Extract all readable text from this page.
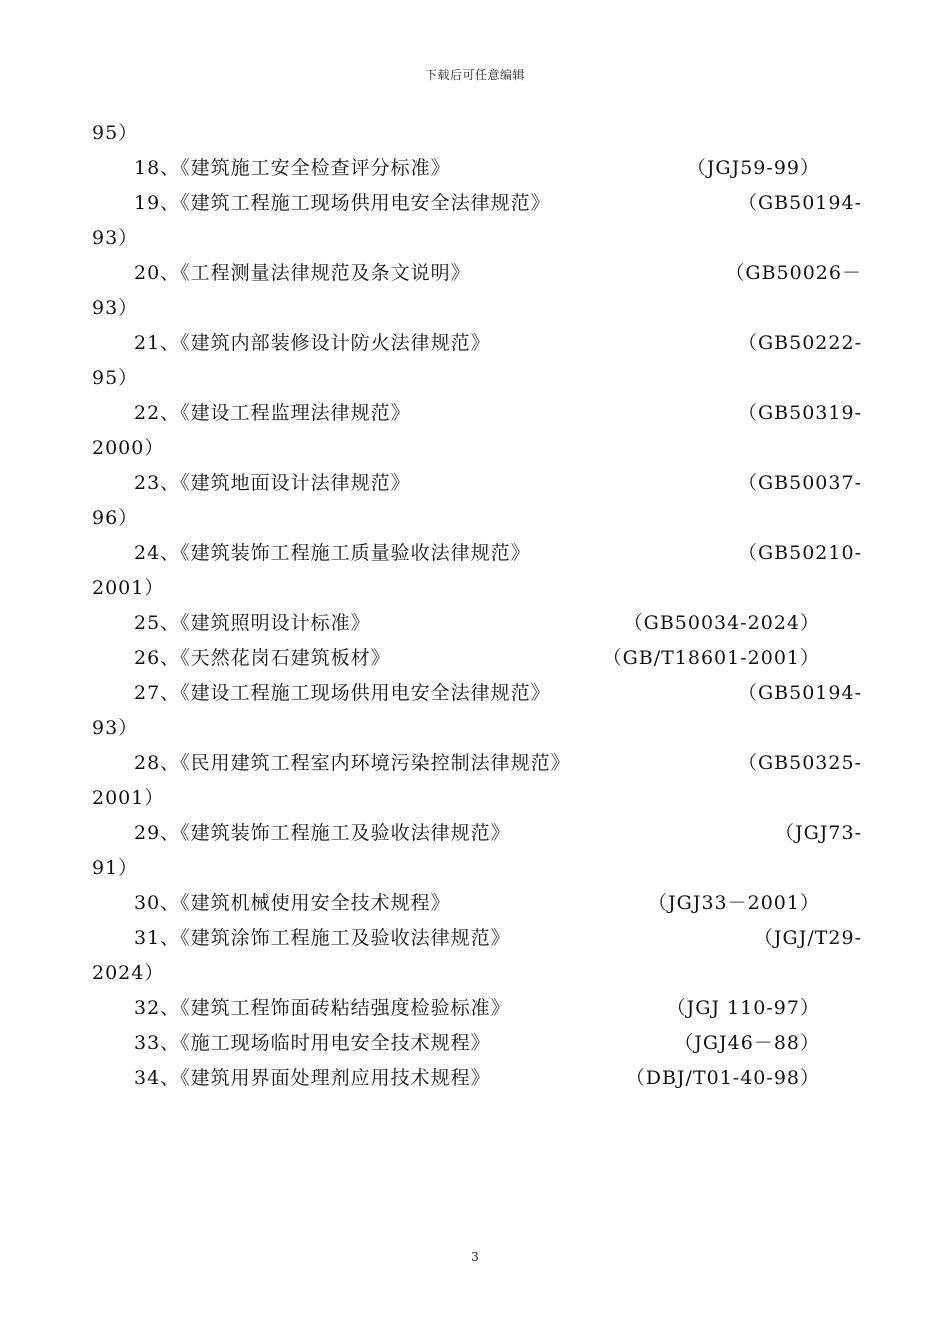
下载后可任意编辑
95）
18、《建筑施工安全检查评分标准》	（JGJ59-99）
19、《建筑工程施工现场供用电安全法律规范》	（GB50194-
93）
20、《工程测量法律规范及条文说明》	（GB50026－
93）
21、《建筑内部装修设计防火法律规范》	（GB50222-
95）
22、《建设工程监理法律规范》	（GB50319-
2000）
23、《建筑地面设计法律规范》	（GB50037-
96）
24、《建筑装饰工程施工质量验收法律规范》	（GB50210-
2001）
25、《建筑照明设计标准》	（GB50034-2024）
26、《天然花岗石建筑板材》	（GB/T18601-2001）
27、《建设工程施工现场供用电安全法律规范》	（GB50194-
93）
28、《民用建筑工程室内环境污染控制法律规范》	（GB50325-
2001）
29、《建筑装饰工程施工及验收法律规范》	（JGJ73-
91）
30、《建筑机械使用安全技术规程》	（JGJ33－2001）
31、《建筑涂饰工程施工及验收法律规范》	（JGJ/T29-
2024）
32、《建筑工程饰面砖粘结强度检验标准》	（JGJ 110-97）
33、《施工现场临时用电安全技术规程》	（JGJ46－88）
34、《建筑用界面处理剂应用技术规程》	（DBJ/T01-40-98）
3
